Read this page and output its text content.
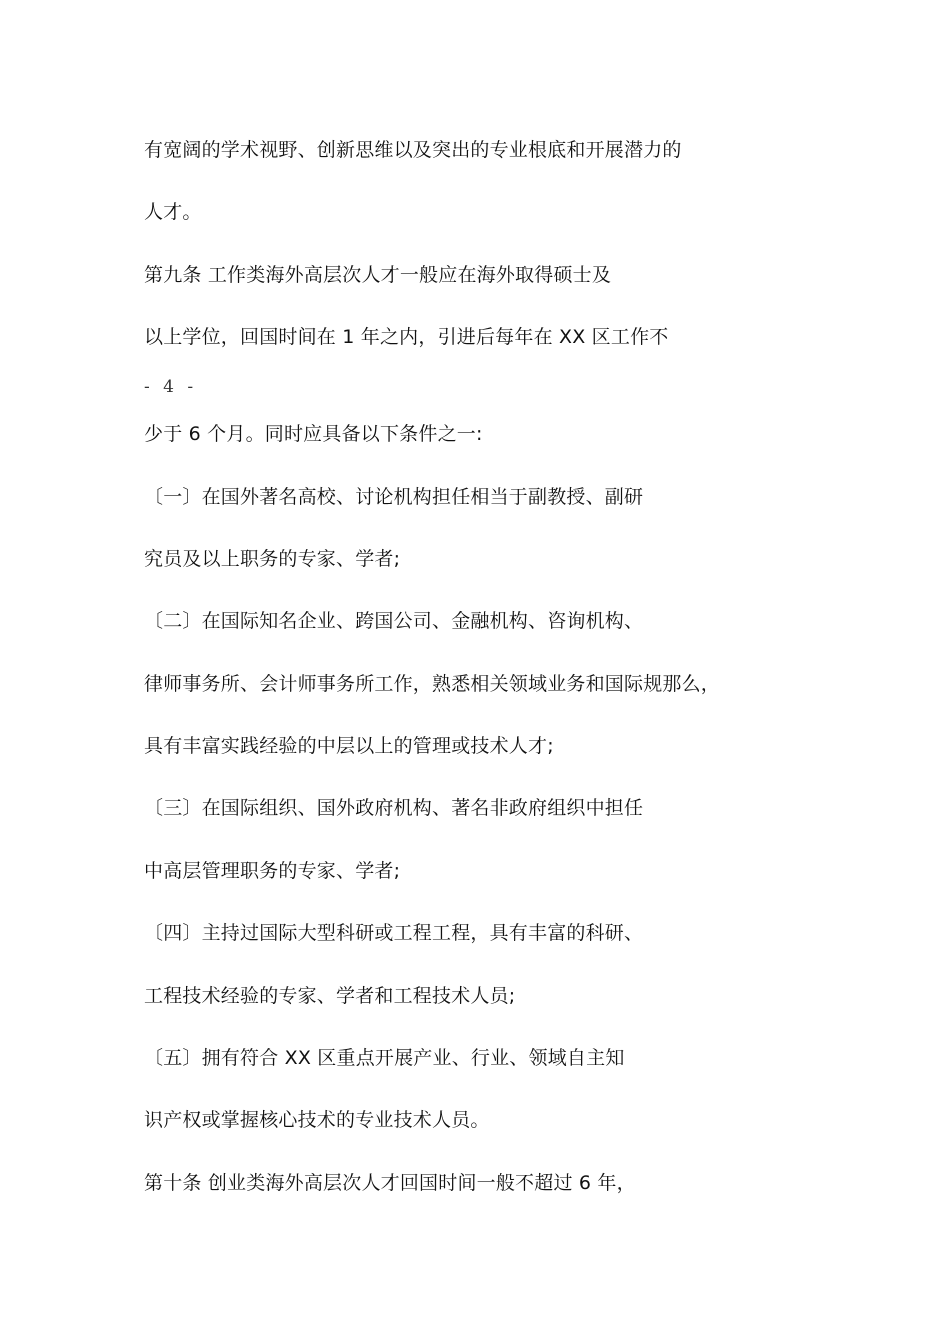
有宽阔的学术视野、创新思维以及突出的专业根底和开展潜力的
人才。
第九条 工作类海外高层次人才一般应在海外取得硕士及
以上学位，回国时间在 1 年之内，引进后每年在 XX 区工作不
- 4 -
少于 6 个月。同时应具备以下条件之一:
〔一〕在国外著名高校、讨论机构担任相当于副教授、副研
究员及以上职务的专家、学者;
〔二〕在国际知名企业、跨国公司、金融机构、咨询机构、
律师事务所、会计师事务所工作，熟悉相关领域业务和国际规那么，
具有丰富实践经验的中层以上的管理或技术人才;
〔三〕在国际组织、国外政府机构、著名非政府组织中担任
中高层管理职务的专家、学者;
〔四〕主持过国际大型科研或工程工程，具有丰富的科研、
工程技术经验的专家、学者和工程技术人员;
〔五〕拥有符合 XX 区重点开展产业、行业、领域自主知
识产权或掌握核心技术的专业技术人员。
第十条 创业类海外高层次人才回国时间一般不超过 6 年，
